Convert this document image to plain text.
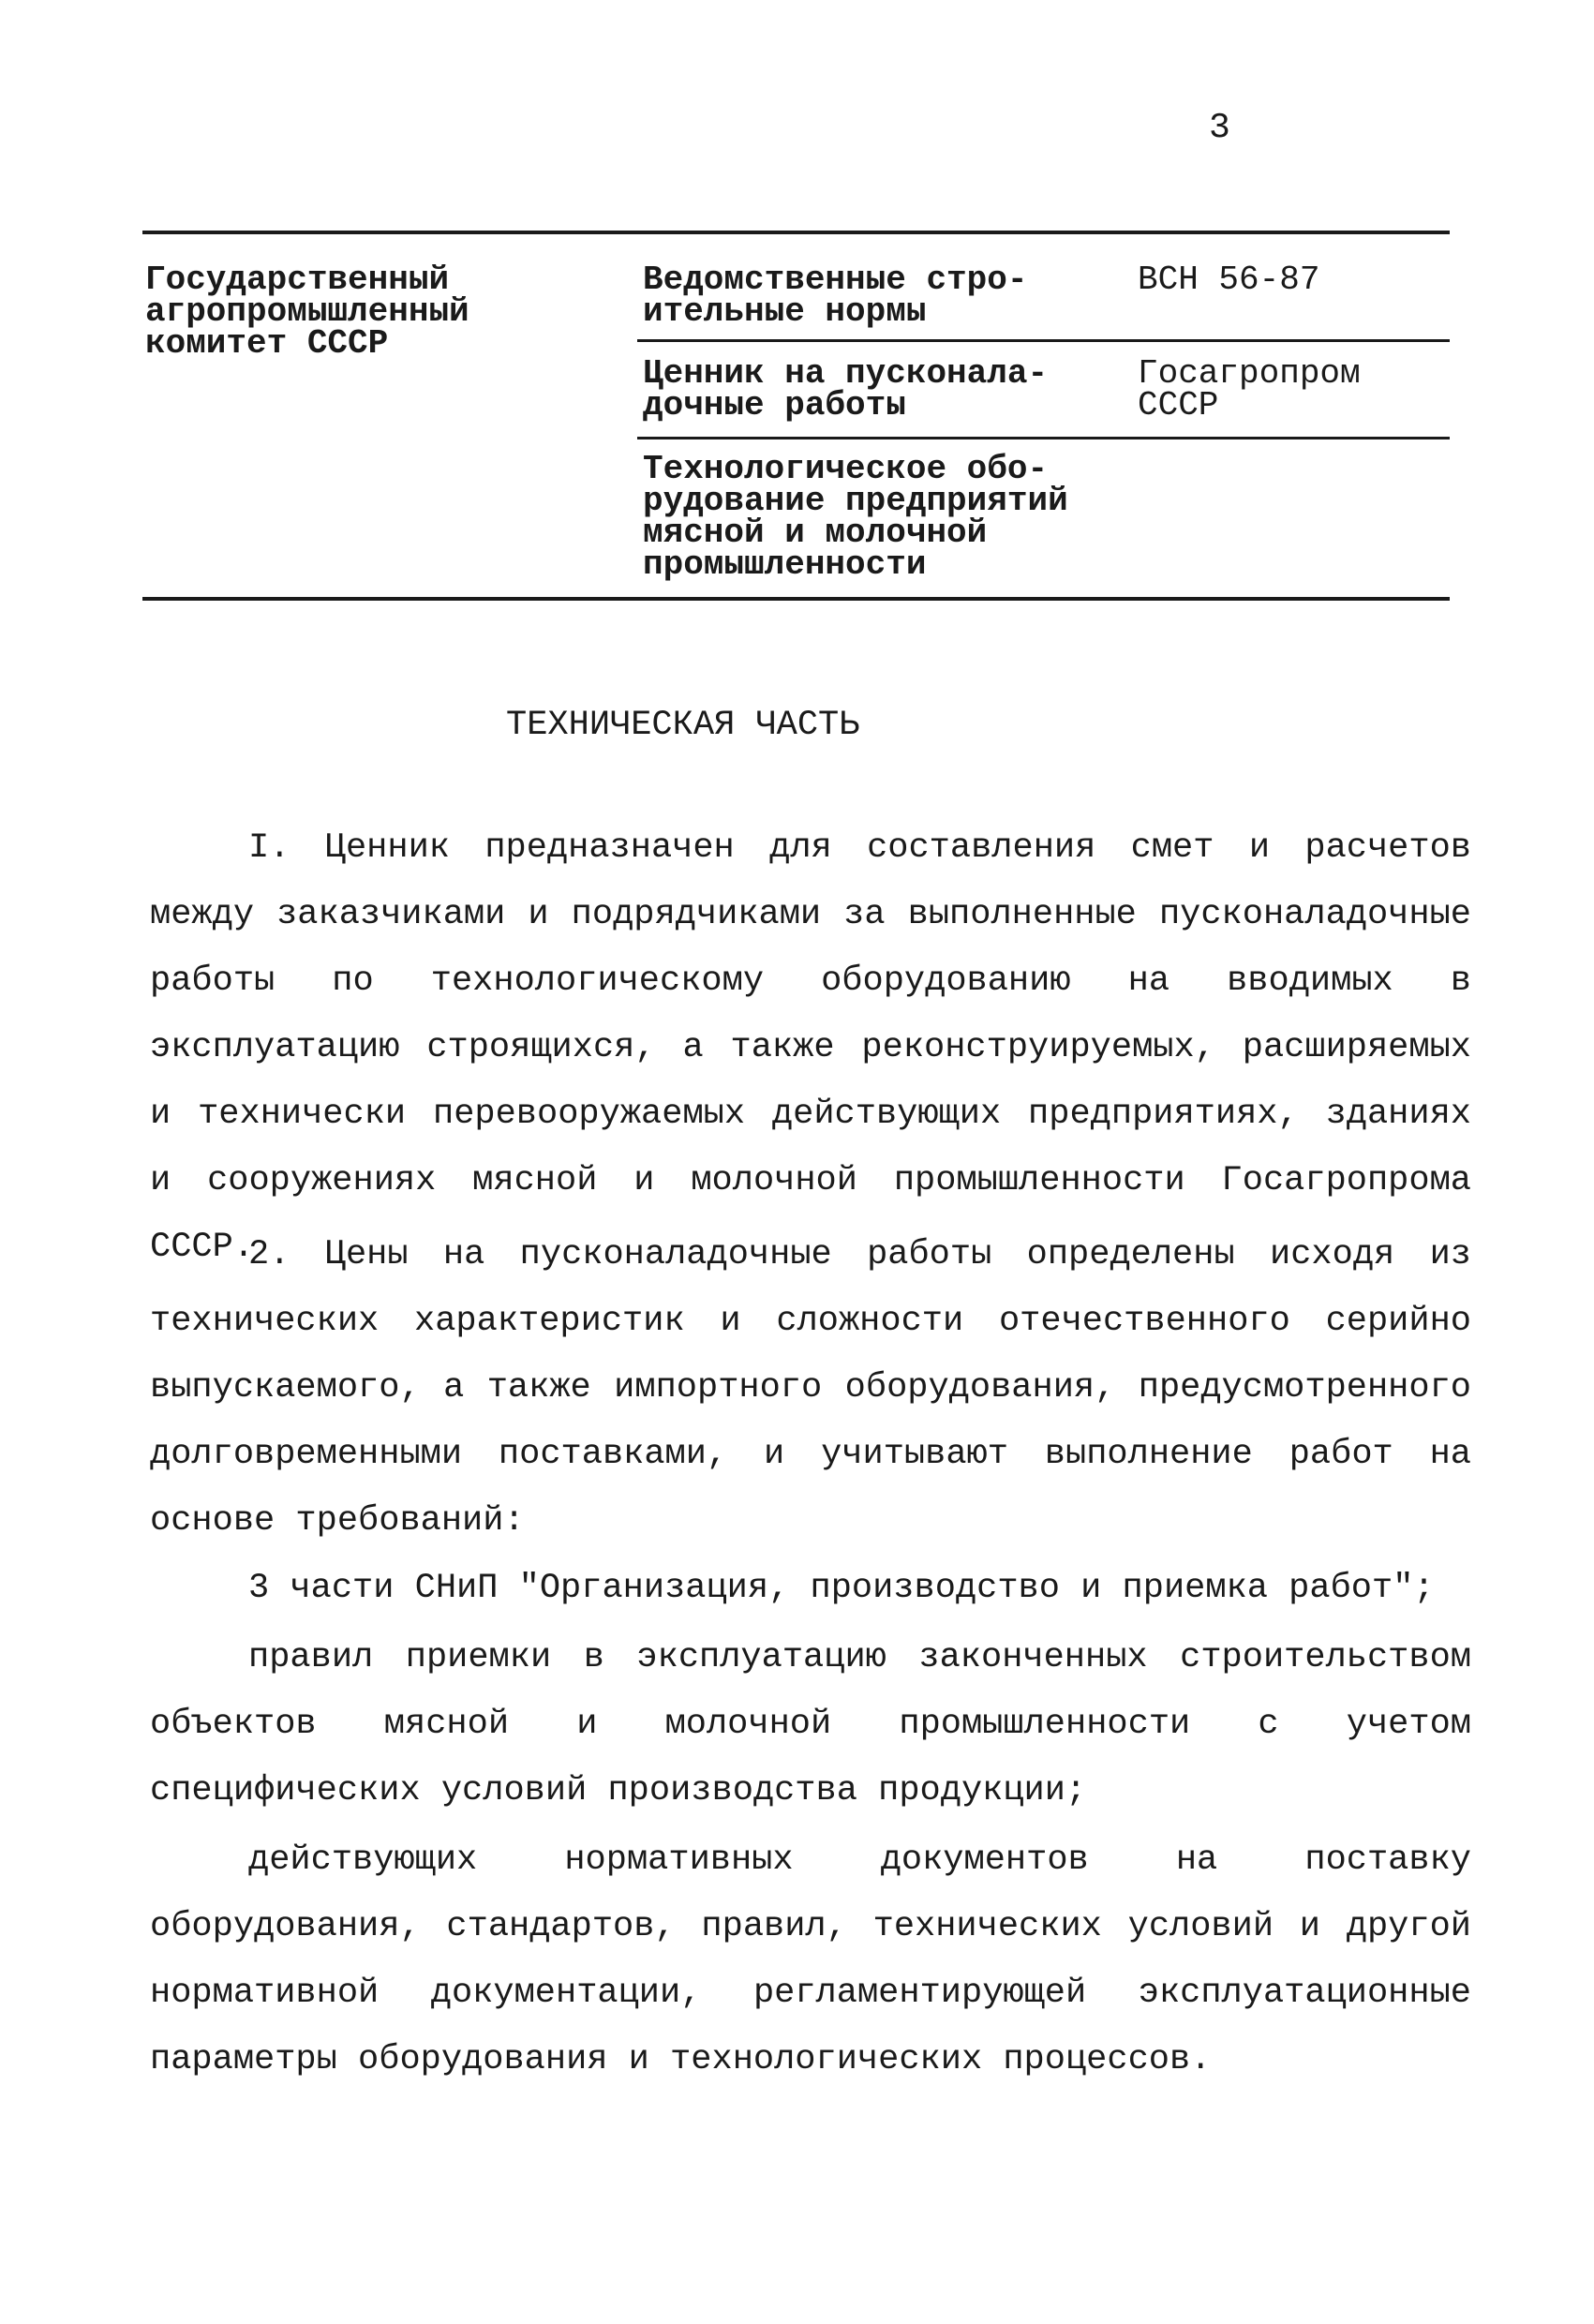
3
Государственный
агропромышленный
комитет СССР
Ведомственные стро-
ительные нормы
ВСН 56-87
Ценник на пусконала-
дочные работы
Госагропром
СССР
Технологическое обо-
рудование предприятий
мясной и молочной
промышленности
ТЕХНИЧЕСКАЯ ЧАСТЬ

I. Ценник предназначен для составления смет и расчетов между заказчиками и подрядчиками за выполненные пусконаладочные работы по технологическому оборудованию на вводимых в эксплуатацию строящихся, а также реконструируемых, расширяемых и технически перевооружаемых действующих предприятиях, зданиях и сооружениях мясной и молочной промышленности Госагропрома СССР.

2. Цены на пусконаладочные работы определены исходя из технических характеристик и сложности отечественного серийно выпускаемого, а также импортного оборудования, предусмотренного долговременными поставками, и учитывают выполнение работ на основе требований:

3 части СНиП "Организация, производство и приемка работ";

правил приемки в эксплуатацию законченных строительством объектов мясной и молочной промышленности с учетом специфических условий производства продукции;

действующих нормативных документов на поставку оборудования, стандартов, правил, технических условий и другой нормативной документации, регламентирующей эксплуатационные параметры оборудования и технологических процессов.
